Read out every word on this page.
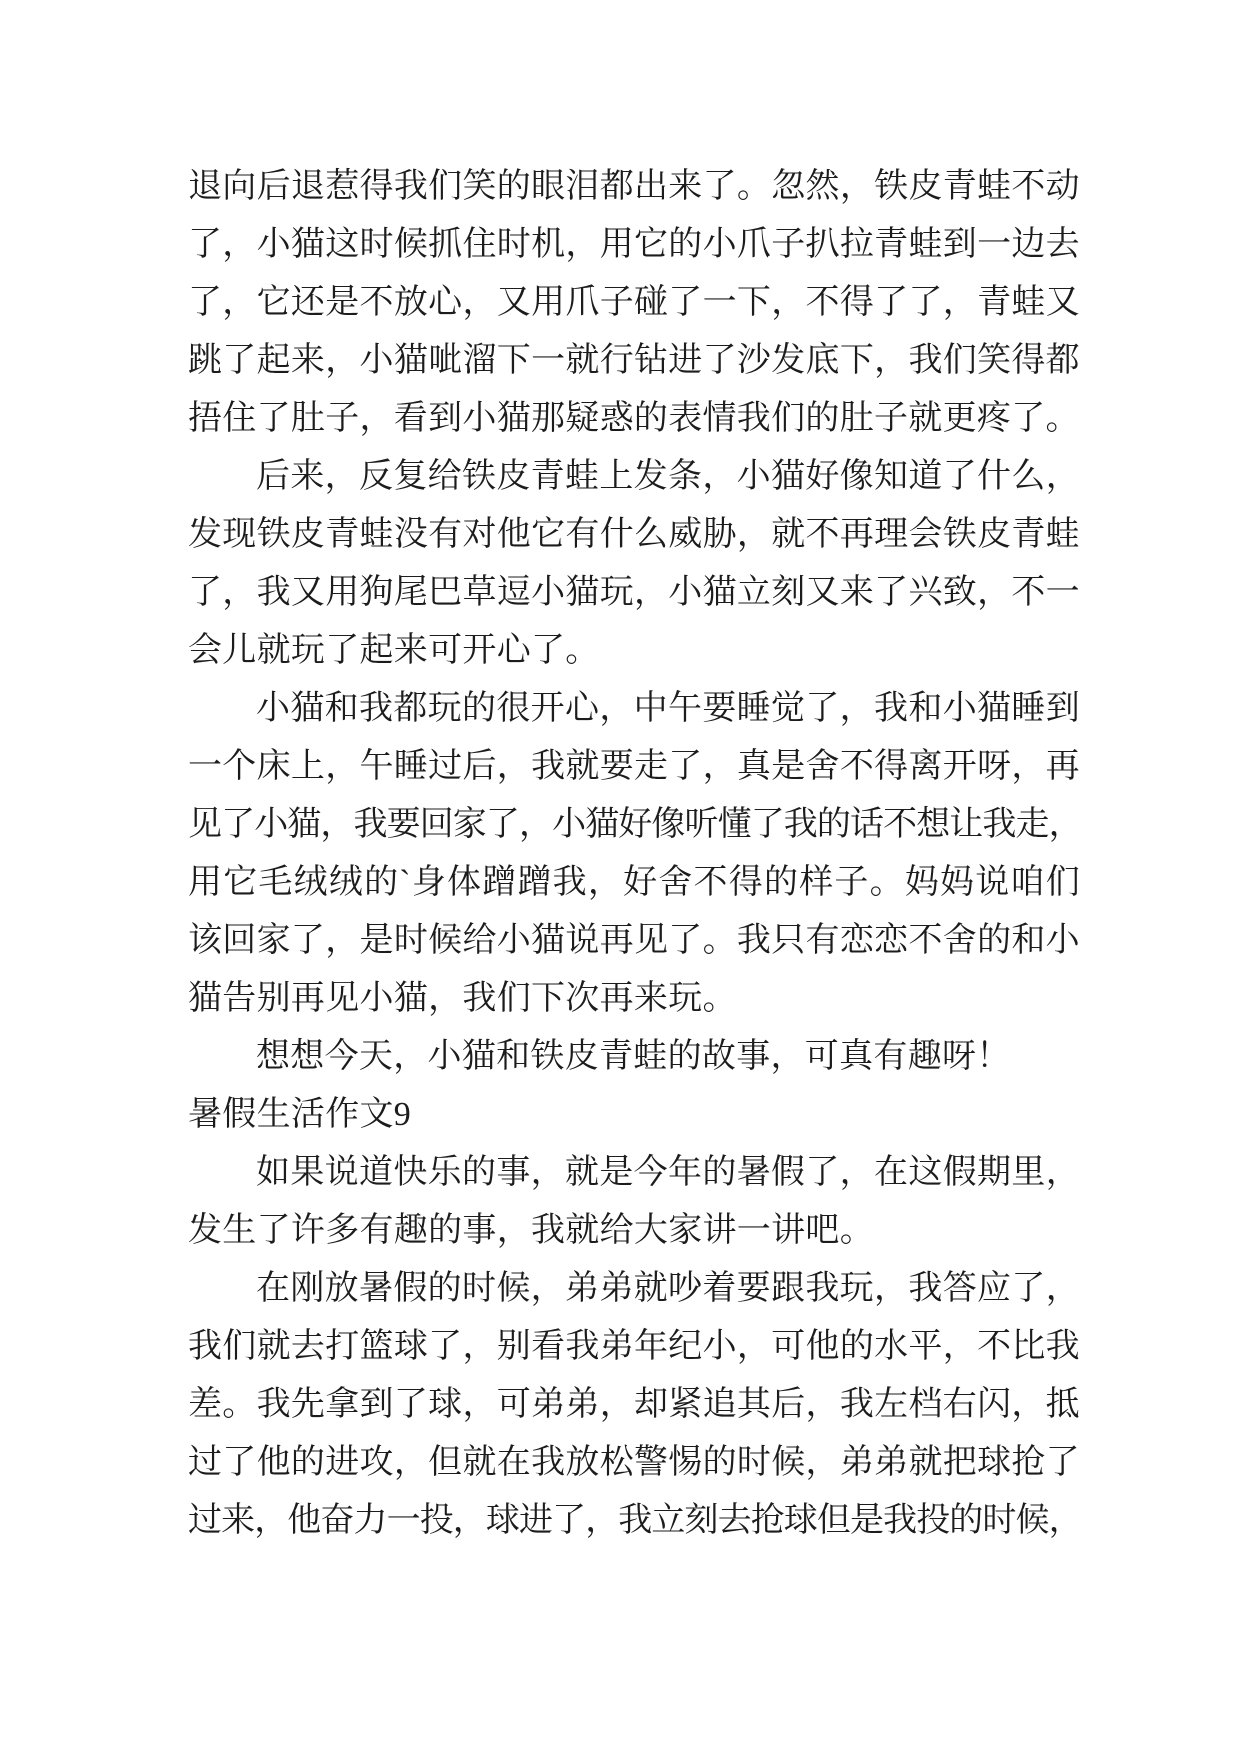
退向后退惹得我们笑的眼泪都出来了。忽然，铁皮青蛙不动
了，小猫这时候抓住时机，用它的小爪子扒拉青蛙到一边去
了，它还是不放心，又用爪子碰了一下，不得了了，青蛙又
跳了起来，小猫呲溜下一就行钻进了沙发底下，我们笑得都
捂住了肚子，看到小猫那疑惑的表情我们的肚子就更疼了。
后来，反复给铁皮青蛙上发条，小猫好像知道了什么，
发现铁皮青蛙没有对他它有什么威胁，就不再理会铁皮青蛙
了，我又用狗尾巴草逗小猫玩，小猫立刻又来了兴致，不一
会儿就玩了起来可开心了。
小猫和我都玩的很开心，中午要睡觉了，我和小猫睡到
一个床上，午睡过后，我就要走了，真是舍不得离开呀，再
见了小猫，我要回家了，小猫好像听懂了我的话不想让我走，
用它毛绒绒的`身体蹭蹭我，好舍不得的样子。妈妈说咱们
该回家了，是时候给小猫说再见了。我只有恋恋不舍的和小
猫告别再见小猫，我们下次再来玩。
想想今天，小猫和铁皮青蛙的故事，可真有趣呀！
暑假生活作文9
如果说道快乐的事，就是今年的暑假了，在这假期里，
发生了许多有趣的事，我就给大家讲一讲吧。
在刚放暑假的时候，弟弟就吵着要跟我玩，我答应了，
我们就去打篮球了，别看我弟年纪小，可他的水平，不比我
差。我先拿到了球，可弟弟，却紧追其后，我左档右闪，抵
过了他的进攻，但就在我放松警惕的时候，弟弟就把球抢了
过来，他奋力一投，球进了，我立刻去抢球但是我投的时候，
